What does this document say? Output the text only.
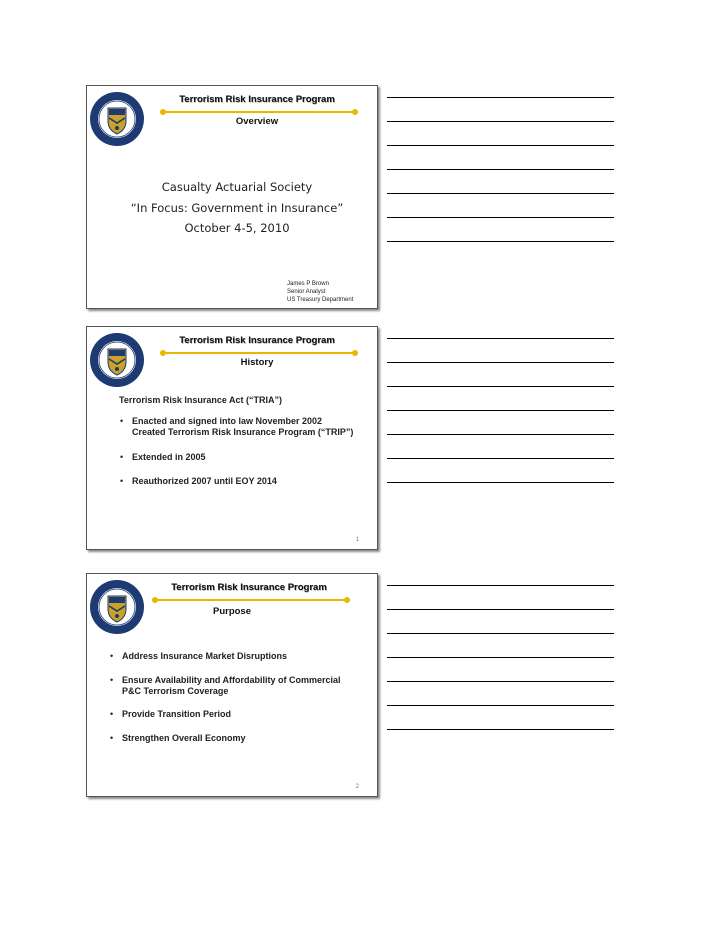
Terrorism Risk Insurance Program
Overview
Casualty Actuarial Society
“In Focus: Government in Insurance”
October 4-5, 2010
James P Brown
Senior Analyst
US Treasury Department
Terrorism Risk Insurance Program
History
Terrorism Risk Insurance Act (“TRIA”)
• Enacted and signed into law November 2002
Created Terrorism Risk Insurance Program (“TRIP”)
• Extended in 2005
• Reauthorized 2007 until EOY 2014
1
Terrorism Risk Insurance Program
Purpose
• Address Insurance Market Disruptions
• Ensure Availability and Affordability of Commercial
P&C Terrorism Coverage
• Provide Transition Period
• Strengthen Overall Economy
2
